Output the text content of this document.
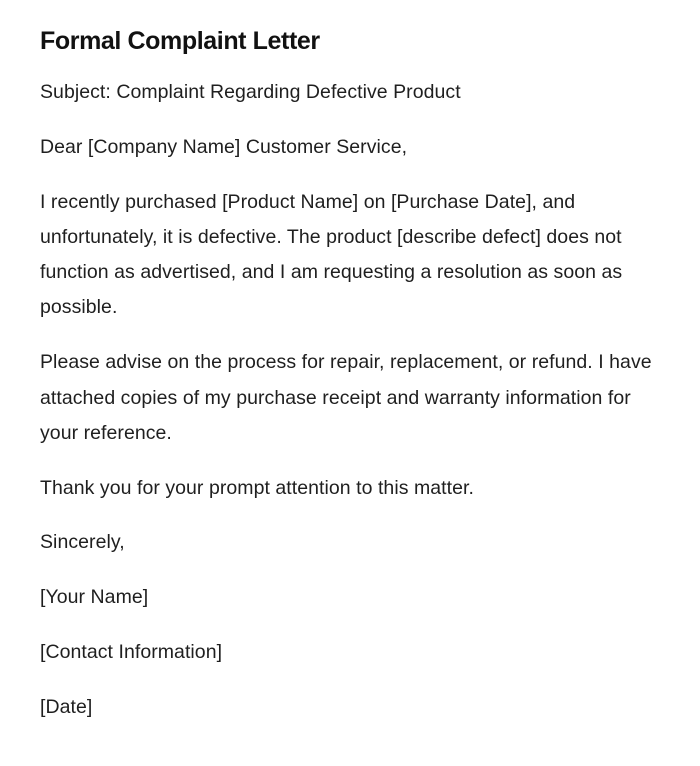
Formal Complaint Letter

Subject: Complaint Regarding Defective Product

Dear [Company Name] Customer Service,

I recently purchased [Product Name] on [Purchase Date], and unfortunately, it is defective. The product [describe defect] does not function as advertised, and I am requesting a resolution as soon as possible.

Please advise on the process for repair, replacement, or refund. I have attached copies of my purchase receipt and warranty information for your reference.

Thank you for your prompt attention to this matter.

Sincerely,

[Your Name]

[Contact Information]

[Date]
